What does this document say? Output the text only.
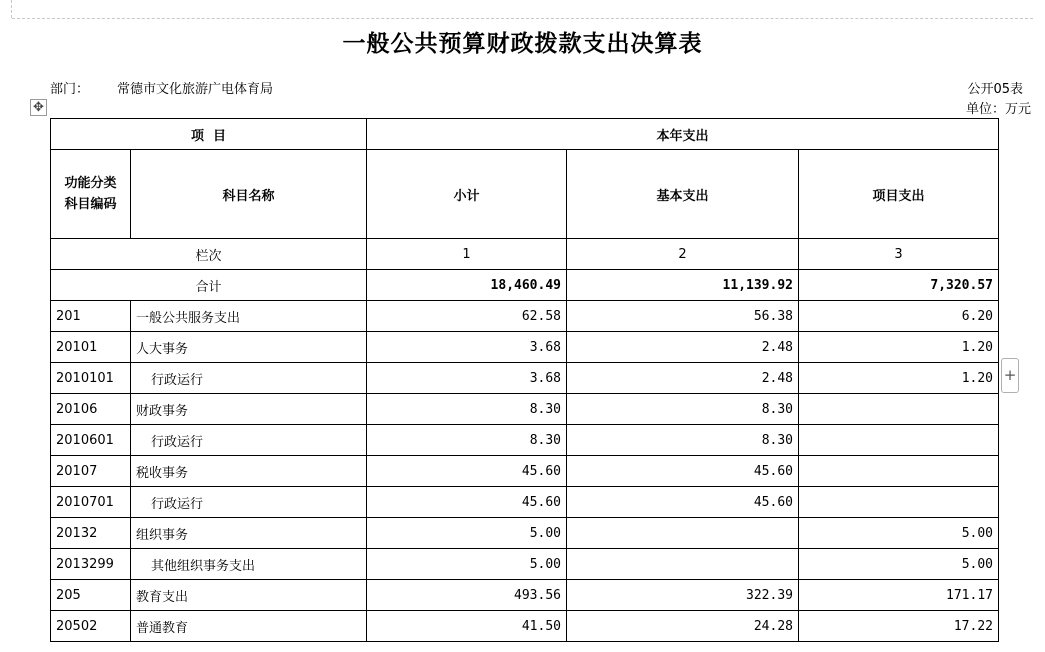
一般公共预算财政拨款支出决算表
部门： 常德市文化旅游广电体育局	公开05表
单位：万元
✥
+
项  目		本年支出		
功能分类科目编码	科目名称	小计	基本支出	项目支出
栏次		1	2	3
合计		18,460.49	11,139.92	7,320.57
201	一般公共服务支出	62.58	56.38	6.20
20101	人大事务	3.68	2.48	1.20
2010101	行政运行	3.68	2.48	1.20
20106	财政事务	8.30	8.30	
2010601	行政运行	8.30	8.30	
20107	税收事务	45.60	45.60	
2010701	行政运行	45.60	45.60	
20132	组织事务	5.00		5.00
2013299	其他组织事务支出	5.00		5.00
205	教育支出	493.56	322.39	171.17
20502	普通教育	41.50	24.28	17.22
